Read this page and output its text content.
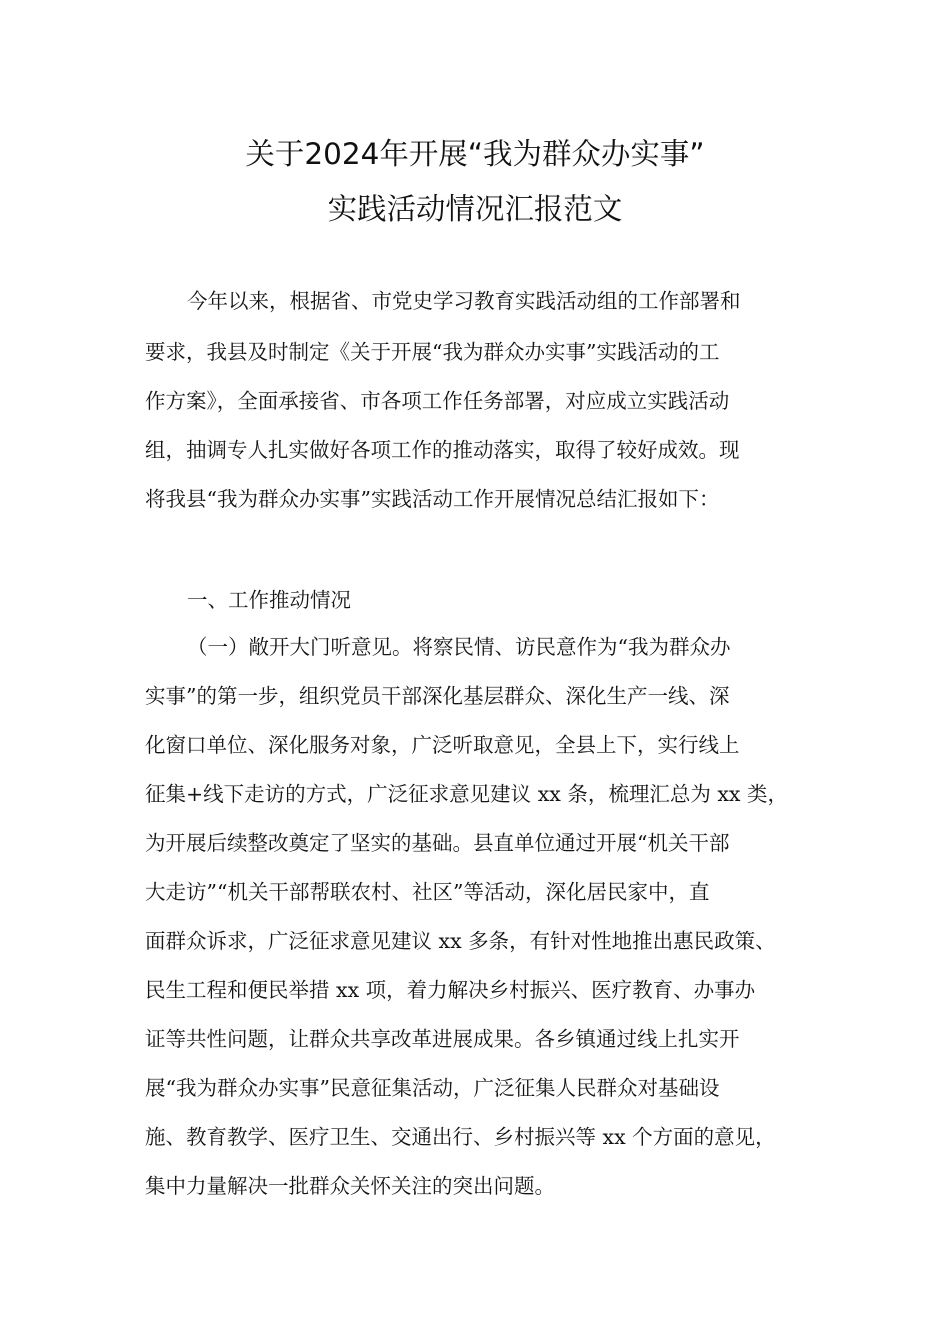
关于2024年开展“我为群众办实事”
实践活动情况汇报范文
今年以来，根据省、市党史学习教育实践活动组的工作部署和
要求，我县及时制定《关于开展“我为群众办实事”实践活动的工
作方案》，全面承接省、市各项工作任务部署，对应成立实践活动
组，抽调专人扎实做好各项工作的推动落实，取得了较好成效。现
将我县“我为群众办实事”实践活动工作开展情况总结汇报如下：
一、工作推动情况
（一）敞开大门听意见。将察民情、访民意作为“我为群众办
实事”的第一步，组织党员干部深化基层群众、深化生产一线、深
化窗口单位、深化服务对象，广泛听取意见，全县上下，实行线上
征集+线下走访的方式，广泛征求意见建议 xx 条，梳理汇总为 xx 类，
为开展后续整改奠定了坚实的基础。县直单位通过开展“机关干部
大走访”“机关干部帮联农村、社区”等活动，深化居民家中，直
面群众诉求，广泛征求意见建议 xx 多条，有针对性地推出惠民政策、
民生工程和便民举措 xx 项，着力解决乡村振兴、医疗教育、办事办
证等共性问题，让群众共享改革进展成果。各乡镇通过线上扎实开
展“我为群众办实事”民意征集活动，广泛征集人民群众对基础设
施、教育教学、医疗卫生、交通出行、乡村振兴等 xx 个方面的意见，
集中力量解决一批群众关怀关注的突出问题。
